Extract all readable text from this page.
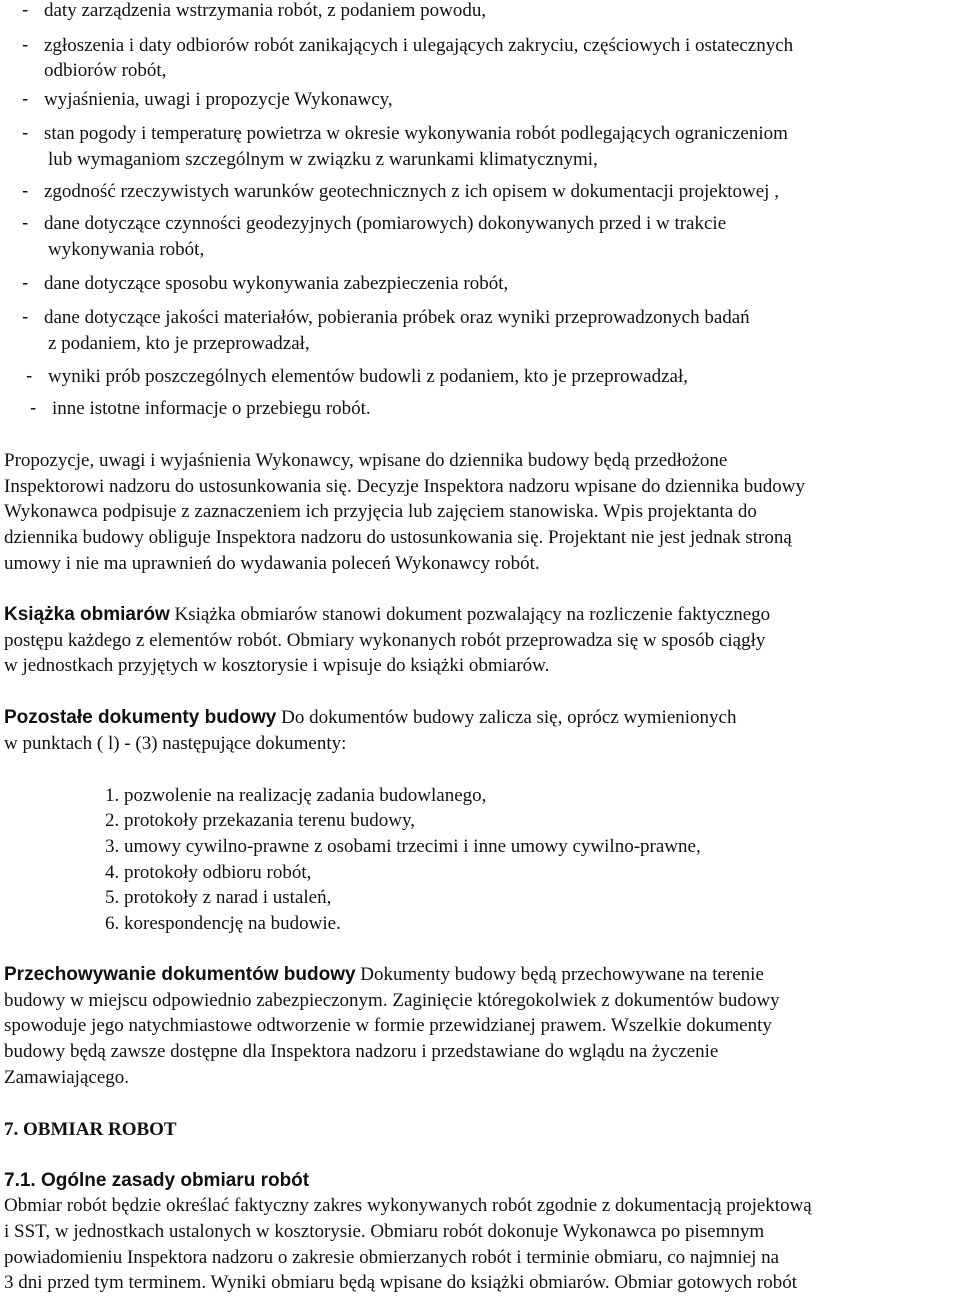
- daty zarządzenia wstrzymania robót, z podaniem powodu,
- zgłoszenia i daty odbiorów robót zanikających i ulegających zakryciu, częściowych i ostatecznych
odbiorów robót,
- wyjaśnienia, uwagi i propozycje Wykonawcy,
- stan pogody i temperaturę powietrza w okresie wykonywania robót podlegających ograniczeniom
lub wymaganiom szczególnym w związku z warunkami klimatycznymi,
- zgodność rzeczywistych warunków geotechnicznych z ich opisem w dokumentacji projektowej ,
- dane dotyczące czynności geodezyjnych (pomiarowych) dokonywanych przed i w trakcie
wykonywania robót,
- dane dotyczące sposobu wykonywania zabezpieczenia robót,
- dane dotyczące jakości materiałów, pobierania próbek oraz wyniki przeprowadzonych badań
z podaniem, kto je przeprowadzał,
- wyniki prób poszczególnych elementów budowli z podaniem, kto je przeprowadzał,
- inne istotne informacje o przebiegu robót.
Propozycje, uwagi i wyjaśnienia Wykonawcy, wpisane do dziennika budowy będą przedłożone
Inspektorowi nadzoru do ustosunkowania się. Decyzje Inspektora nadzoru wpisane do dziennika budowy
Wykonawca podpisuje z zaznaczeniem ich przyjęcia lub zajęciem stanowiska. Wpis projektanta do
dziennika budowy obliguje Inspektora nadzoru do ustosunkowania się. Projektant nie jest jednak stroną
umowy i nie ma uprawnień do wydawania poleceń Wykonawcy robót.
Książka obmiarów Książka obmiarów stanowi dokument pozwalający na rozliczenie faktycznego
postępu każdego z elementów robót. Obmiary wykonanych robót przeprowadza się w sposób ciągły
w jednostkach przyjętych w kosztorysie i wpisuje do książki obmiarów.
Pozostałe dokumenty budowy Do dokumentów budowy zalicza się, oprócz wymienionych
w punktach ( l) - (3) następujące dokumenty:
1. pozwolenie na realizację zadania budowlanego,
2. protokoły przekazania terenu budowy,
3. umowy cywilno-prawne z osobami trzecimi i inne umowy cywilno-prawne,
4. protokoły odbioru robót,
5. protokoły z narad i ustaleń,
6. korespondencję na budowie.
Przechowywanie dokumentów budowy Dokumenty budowy będą przechowywane na terenie
budowy w miejscu odpowiednio zabezpieczonym. Zaginięcie któregokolwiek z dokumentów budowy
spowoduje jego natychmiastowe odtworzenie w formie przewidzianej prawem. Wszelkie dokumenty
budowy będą zawsze dostępne dla Inspektora nadzoru i przedstawiane do wglądu na życzenie
Zamawiającego.
7. OBMIAR ROBOT
7.1. Ogólne zasady obmiaru robót
Obmiar robót będzie określać faktyczny zakres wykonywanych robót zgodnie z dokumentacją projektową
i SST, w jednostkach ustalonych w kosztorysie. Obmiaru robót dokonuje Wykonawca po pisemnym
powiadomieniu Inspektora nadzoru o zakresie obmierzanych robót i terminie obmiaru, co najmniej na
3 dni przed tym terminem. Wyniki obmiaru będą wpisane do książki obmiarów. Obmiar gotowych robót
